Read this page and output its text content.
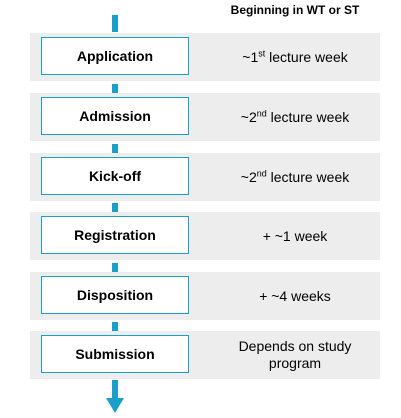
Beginning in WT or ST
Application	~1st lecture week
Admission	~2nd lecture week
Kick-off	~2nd lecture week
Registration	+ ~1 week
Disposition	+ ~4 weeks
Submission	Depends on study program
